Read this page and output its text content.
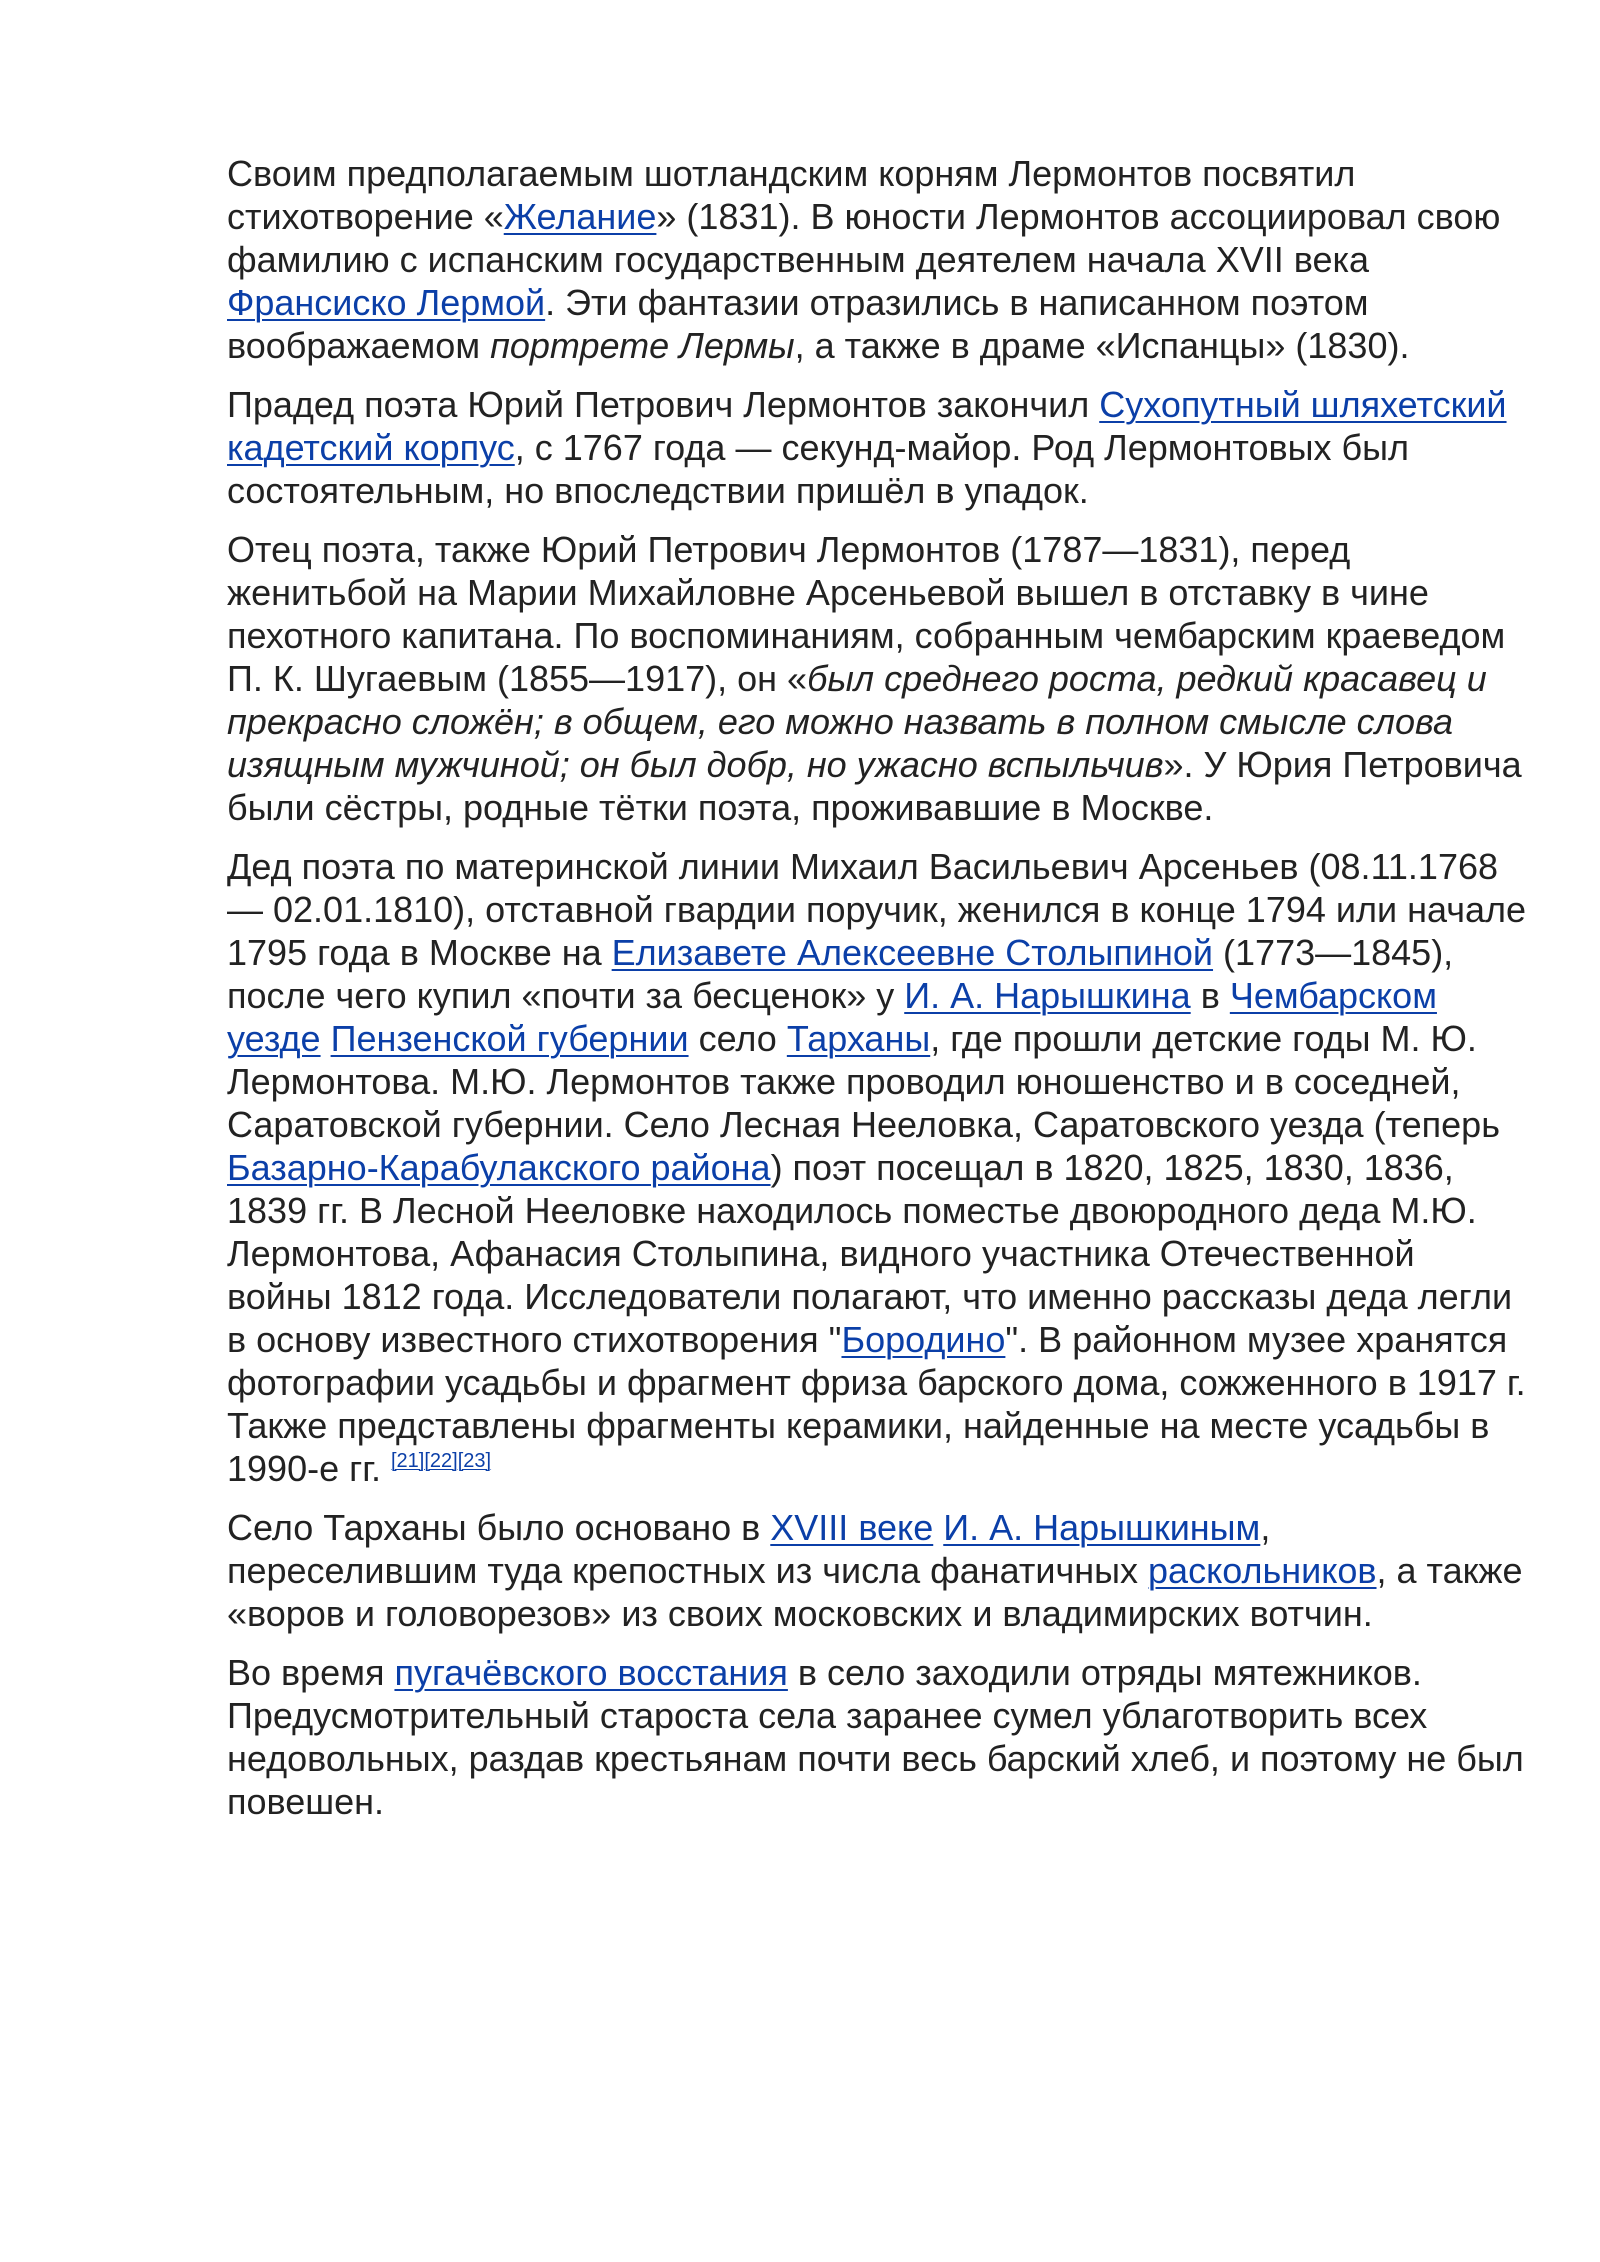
Своим предполагаемым шотландским корням Лермонтов посвятил стихотворение «Желание» (1831). В юности Лермонтов ассоциировал свою фамилию с испанским государственным деятелем начала XVII века Франсиско Лермой. Эти фантазии отразились в написанном поэтом воображаемом портрете Лермы, а также в драме «Испанцы» (1830).

Прадед поэта Юрий Петрович Лермонтов закончил Сухопутный шляхетский кадетский корпус, с 1767 года — секунд-майор. Род Лермонтовых был состоятельным, но впоследствии пришёл в упадок.

Отец поэта, также Юрий Петрович Лермонтов (1787—1831), перед женитьбой на Марии Михайловне Арсеньевой вышел в отставку в чине пехотного капитана. По воспоминаниям, собранным чембарским краеведом П. К. Шугаевым (1855—1917), он «был среднего роста, редкий красавец и прекрасно сложён; в общем, его можно назвать в полном смысле слова изящным мужчиной; он был добр, но ужасно вспыльчив». У Юрия Петровича были сёстры, родные тётки поэта, проживавшие в Москве.

Дед поэта по материнской линии Михаил Васильевич Арсеньев (08.11.1768 — 02.01.1810), отставной гвардии поручик, женился в конце 1794 или начале 1795 года в Москве на Елизавете Алексеевне Столыпиной (1773—1845), после чего купил «почти за бесценок» у И. А. Нарышкина в Чембарском уезде Пензенской губернии село Тарханы, где прошли детские годы М. Ю. Лермонтова. М.Ю. Лермонтов также проводил юношенство и в соседней, Саратовской губернии. Село Лесная Нееловка, Саратовского уезда (теперь Базарно-Карабулакского района) поэт посещал в 1820, 1825, 1830, 1836, 1839 гг. В Лесной Нееловке находилось поместье двоюродного деда М.Ю. Лермонтова, Афанасия Столыпина, видного участника Отечественной войны 1812 года. Исследователи полагают, что именно рассказы деда легли в основу известного стихотворения "Бородино". В районном музее хранятся фотографии усадьбы и фрагмент фриза барского дома, сожженного в 1917 г. Также представлены фрагменты керамики, найденные на месте усадьбы в 1990-е гг. [21][22][23]

Село Тарханы было основано в XVIII веке И. А. Нарышкиным, переселившим туда крепостных из числа фанатичных раскольников, а также «воров и головорезов» из своих московских и владимирских вотчин.

Во время пугачёвского восстания в село заходили отряды мятежников. Предусмотрительный староста села заранее сумел ублаготворить всех недовольных, раздав крестьянам почти весь барский хлеб, и поэтому не был повешен.
